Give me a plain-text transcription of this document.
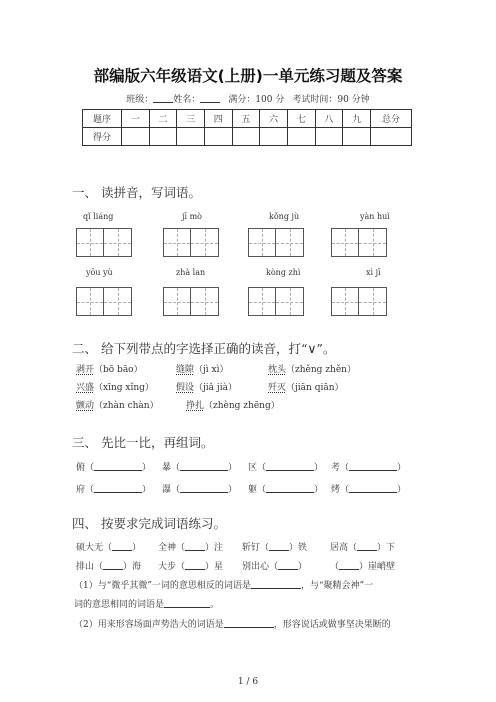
部编版六年级语文(上册)一单元练习题及答案
班级： 姓名：	满分：100 分 考试时间：90 分钟
题序	一	二	三	四	五	六	七	八	九	总分
得分										
一、 读拼音，写词语。
qǐ liáng	jī mò	kǒng jù	yàn huì
yōu yù	zhà lan	kòng zhì	xì jī
二、 给下列带点的字选择正确的读音，打“∨”。
剥开（bō bāo）	缝隙（jì xì）	枕头（zhěng zhěn）
兴盛（xīng xǐng） 假设（jiǎ jià）	歼灭（jiān qiān）
颤动（zhàn chàn）	挣扎（zhèng zhēng）
三、 先比一比，再组词。
俯（	） 暴（	） 区（	） 考（	）
府（	） 瀑（	） 躯（	） 烤（	）
四、 按要求完成词语练习。
硕大无（ ） 全神（ ）注 斩钉（ ）铁	居高（ ）下
排山（ ）海 大步（ ）星 别出心（ ）	（ ）崖峭壁
（1）与“微乎其微”一词的意思相反的词语是	，与“聚精会神”一
词的意思相同的词语是	。
（2）用来形容场面声势浩大的词语是	，形容说话或做事坚决果断的
1 / 6
